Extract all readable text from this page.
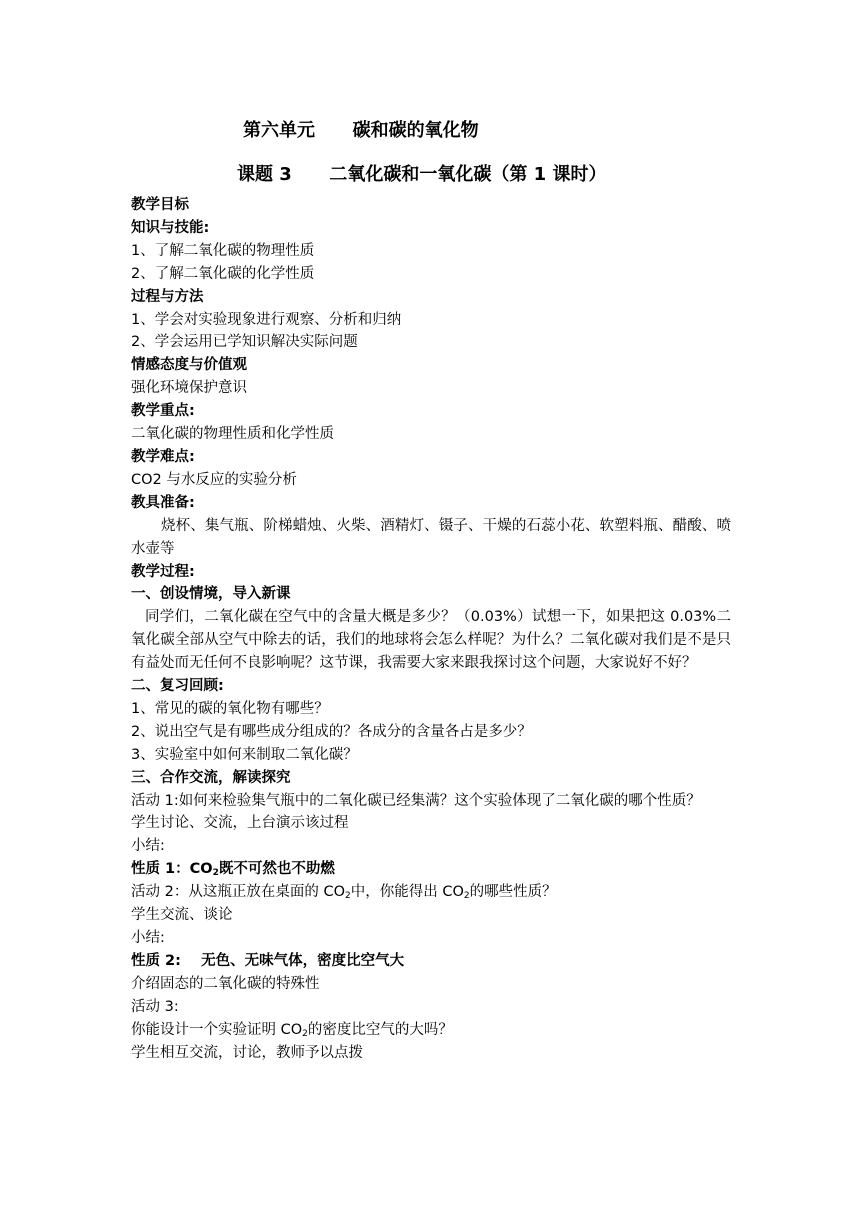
第六单元      碳和碳的氧化物
课题 3      二氧化碳和一氧化碳（第 1 课时）
教学目标
知识与技能:
1、了解二氧化碳的物理性质
2、了解二氧化碳的化学性质
过程与方法
1、学会对实验现象进行观察、分析和归纳
2、学会运用已学知识解决实际问题
情感态度与价值观
强化环境保护意识
教学重点:
二氧化碳的物理性质和化学性质
教学难点:
CO2 与水反应的实验分析
教具准备:
烧杯、集气瓶、阶梯蜡烛、火柴、酒精灯、镊子、干燥的石蕊小花、软塑料瓶、醋酸、喷水壶等
教学过程:
一、创设情境，导入新课
同学们，二氧化碳在空气中的含量大概是多少？（0.03%）试想一下，如果把这 0.03%二氧化碳全部从空气中除去的话，我们的地球将会怎么样呢？为什么？二氧化碳对我们是不是只有益处而无任何不良影响呢？这节课，我需要大家来跟我探讨这个问题，大家说好不好？
二、复习回顾:
1、常见的碳的氧化物有哪些？
2、说出空气是有哪些成分组成的？各成分的含量各占是多少？
3、实验室中如何来制取二氧化碳？
三、合作交流，解读探究
活动 1:如何来检验集气瓶中的二氧化碳已经集满？这个实验体现了二氧化碳的哪个性质？
学生讨论、交流，上台演示该过程
小结:
性质 1：$CO_2$既不可然也不助燃
活动 2：从这瓶正放在桌面的 $CO_2$中，你能得出 $CO_2$的哪些性质？
学生交流、谈论
小结:
性质 2:    无色、无味气体，密度比空气大
介绍固态的二氧化碳的特殊性
活动 3:
你能设计一个实验证明 $CO_2$的密度比空气的大吗？
学生相互交流，讨论，教师予以点拨
